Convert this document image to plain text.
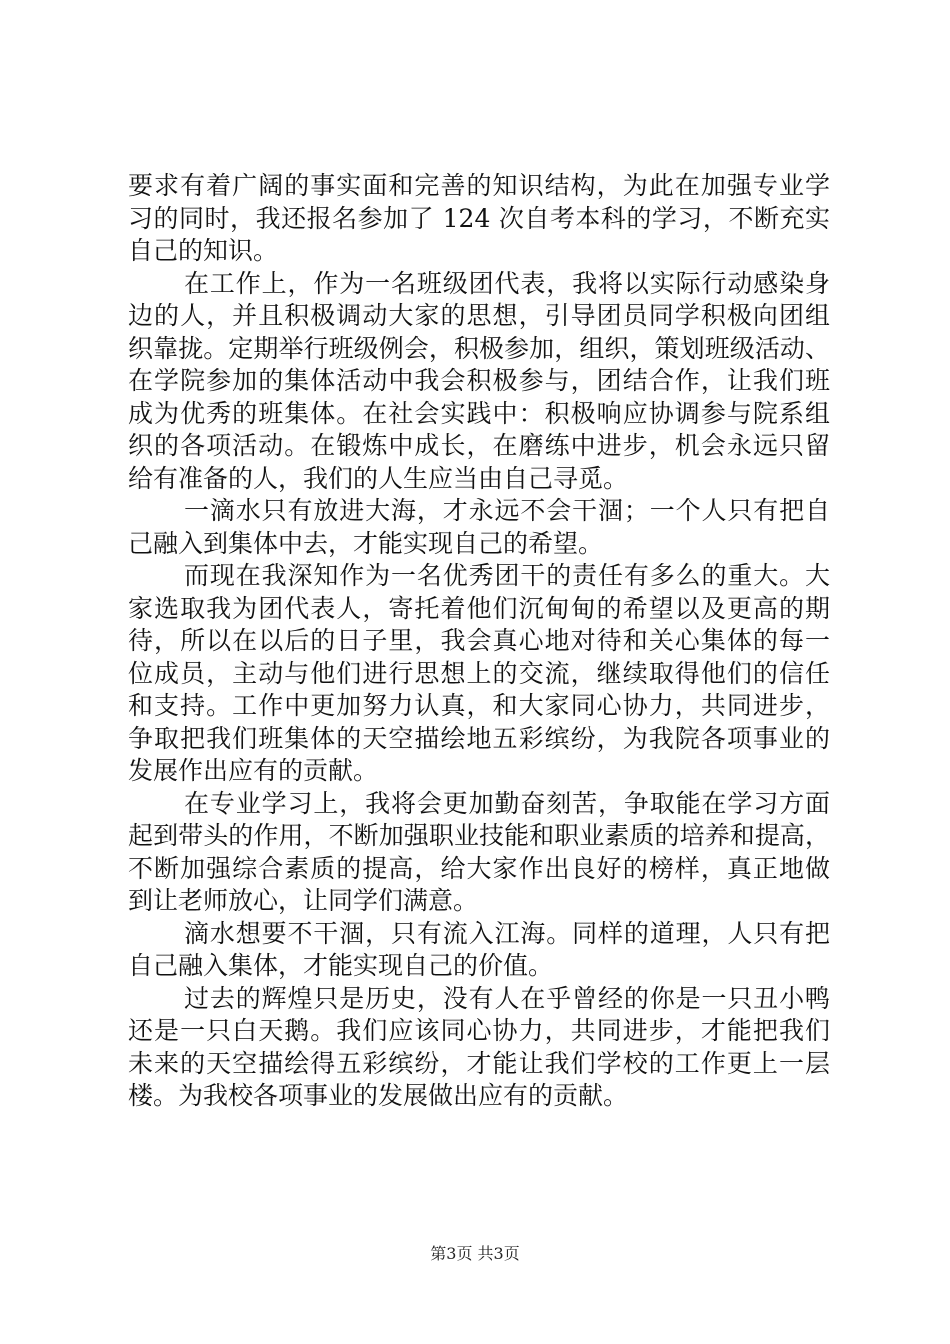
要求有着广阔的事实面和完善的知识结构，为此在加强专业学
习的同时，我还报名参加了 124 次自考本科的学习，不断充实
自己的知识。
在工作上，作为一名班级团代表，我将以实际行动感染身
边的人，并且积极调动大家的思想，引导团员同学积极向团组
织靠拢。定期举行班级例会，积极参加，组织，策划班级活动、
在学院参加的集体活动中我会积极参与，团结合作，让我们班
成为优秀的班集体。在社会实践中：积极响应协调参与院系组
织的各项活动。在锻炼中成长，在磨练中进步，机会永远只留
给有准备的人，我们的人生应当由自己寻觅。
一滴水只有放进大海，才永远不会干涸；一个人只有把自
己融入到集体中去，才能实现自己的希望。
而现在我深知作为一名优秀团干的责任有多么的重大。大
家选取我为团代表人，寄托着他们沉甸甸的希望以及更高的期
待，所以在以后的日子里，我会真心地对待和关心集体的每一
位成员，主动与他们进行思想上的交流，继续取得他们的信任
和支持。工作中更加努力认真，和大家同心协力，共同进步，
争取把我们班集体的天空描绘地五彩缤纷，为我院各项事业的
发展作出应有的贡献。
在专业学习上，我将会更加勤奋刻苦，争取能在学习方面
起到带头的作用，不断加强职业技能和职业素质的培养和提高，
不断加强综合素质的提高，给大家作出良好的榜样，真正地做
到让老师放心，让同学们满意。
滴水想要不干涸，只有流入江海。同样的道理，人只有把
自己融入集体，才能实现自己的价值。
过去的辉煌只是历史，没有人在乎曾经的你是一只丑小鸭
还是一只白天鹅。我们应该同心协力，共同进步，才能把我们
未来的天空描绘得五彩缤纷，才能让我们学校的工作更上一层
楼。为我校各项事业的发展做出应有的贡献。
第3页 共3页
